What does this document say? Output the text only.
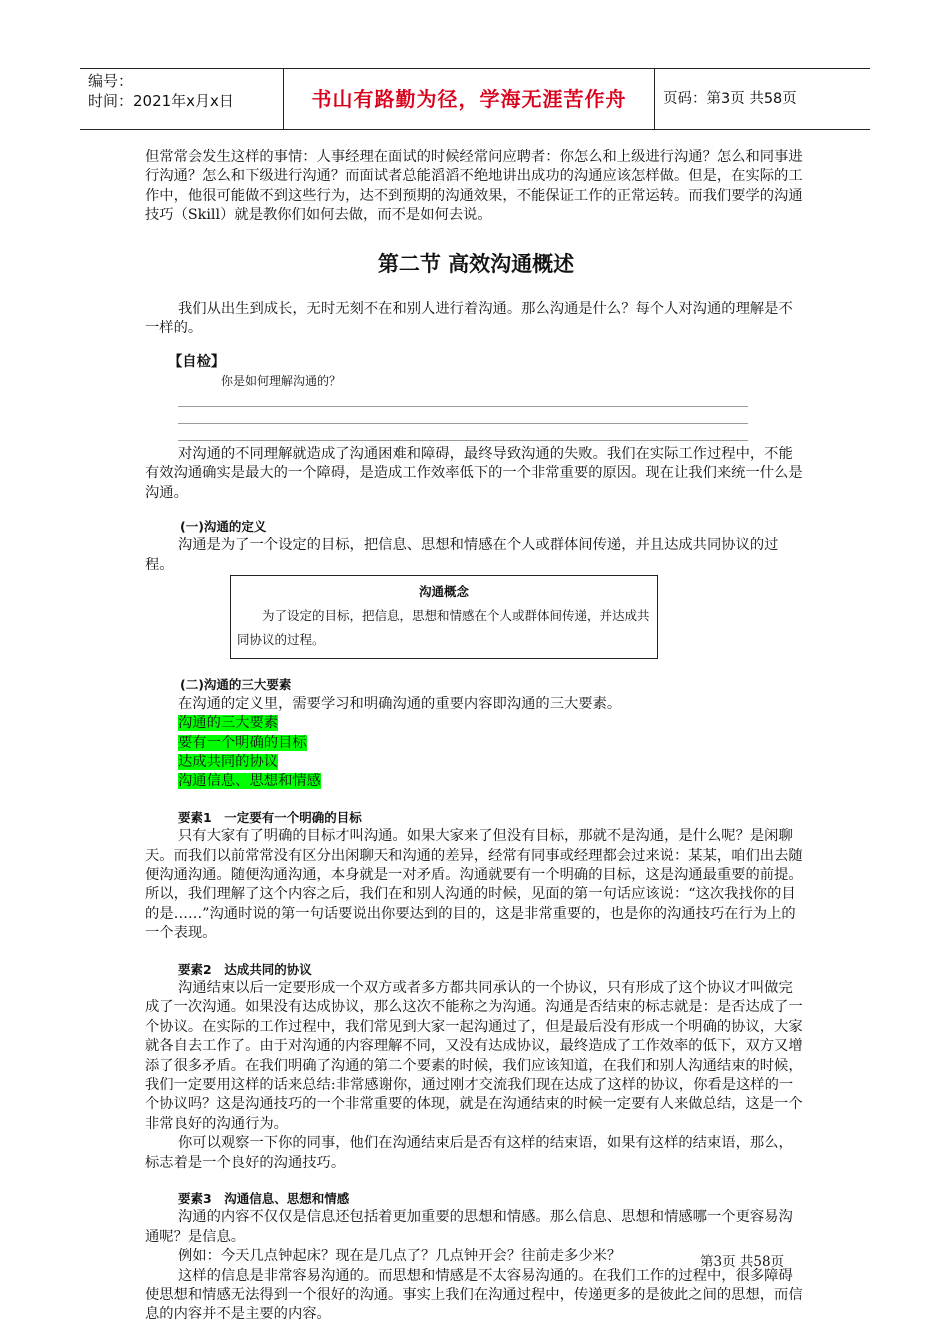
编号：
时间：2021年x月x日	书山有路勤为径，学海无涯苦作舟	页码：第3页 共58页

但常常会发生这样的事情：人事经理在面试的时候经常问应聘者：你怎么和上级进行沟通？怎么和同事进行沟通？怎么和下级进行沟通？而面试者总能滔滔不绝地讲出成功的沟通应该怎样做。但是，在实际的工作中，他很可能做不到这些行为，达不到预期的沟通效果，不能保证工作的正常运转。而我们要学的沟通技巧（Skill）就是教你们如何去做，而不是如何去说。

第二节 高效沟通概述

我们从出生到成长，无时无刻不在和别人进行着沟通。那么沟通是什么？每个人对沟通的理解是不一样的。

【自检】
你是如何理解沟通的？

对沟通的不同理解就造成了沟通困难和障碍，最终导致沟通的失败。我们在实际工作过程中，不能有效沟通确实是最大的一个障碍，是造成工作效率低下的一个非常重要的原因。现在让我们来统一什么是沟通。

(一)沟通的定义

沟通是为了一个设定的目标，把信息、思想和情感在个人或群体间传递，并且达成共同协议的过程。

沟通概念
为了设定的目标，把信息，思想和情感在个人或群体间传递，并达成共同协议的过程。
(二)沟通的三大要素

在沟通的定义里，需要学习和明确沟通的重要内容即沟通的三大要素。

沟通的三大要素
要有一个明确的目标
达成共同的协议
沟通信息、思想和情感
要素1　一定要有一个明确的目标

只有大家有了明确的目标才叫沟通。如果大家来了但没有目标，那就不是沟通，是什么呢？是闲聊天。而我们以前常常没有区分出闲聊天和沟通的差异，经常有同事或经理都会过来说：某某，咱们出去随便沟通沟通。随便沟通沟通，本身就是一对矛盾。沟通就要有一个明确的目标，这是沟通最重要的前提。所以，我们理解了这个内容之后，我们在和别人沟通的时候，见面的第一句话应该说：“这次我找你的目的是……”沟通时说的第一句话要说出你要达到的目的，这是非常重要的，也是你的沟通技巧在行为上的一个表现。

要素2　达成共同的协议

沟通结束以后一定要形成一个双方或者多方都共同承认的一个协议，只有形成了这个协议才叫做完成了一次沟通。如果没有达成协议，那么这次不能称之为沟通。沟通是否结束的标志就是：是否达成了一个协议。在实际的工作过程中，我们常见到大家一起沟通过了，但是最后没有形成一个明确的协议，大家就各自去工作了。由于对沟通的内容理解不同，又没有达成协议，最终造成了工作效率的低下，双方又增添了很多矛盾。在我们明确了沟通的第二个要素的时候，我们应该知道，在我们和别人沟通结束的时候，我们一定要用这样的话来总结:非常感谢你，通过刚才交流我们现在达成了这样的协议，你看是这样的一个协议吗？这是沟通技巧的一个非常重要的体现，就是在沟通结束的时候一定要有人来做总结，这是一个非常良好的沟通行为。

你可以观察一下你的同事，他们在沟通结束后是否有这样的结束语，如果有这样的结束语，那么，标志着是一个良好的沟通技巧。

要素3　沟通信息、思想和情感

沟通的内容不仅仅是信息还包括着更加重要的思想和情感。那么信息、思想和情感哪一个更容易沟通呢？是信息。

例如：今天几点钟起床？现在是几点了？几点钟开会？往前走多少米？

这样的信息是非常容易沟通的。而思想和情感是不太容易沟通的。在我们工作的过程中，很多障碍使思想和情感无法得到一个很好的沟通。事实上我们在沟通过程中，传递更多的是彼此之间的思想，而信息的内容并不是主要的内容。

第3页 共58页
